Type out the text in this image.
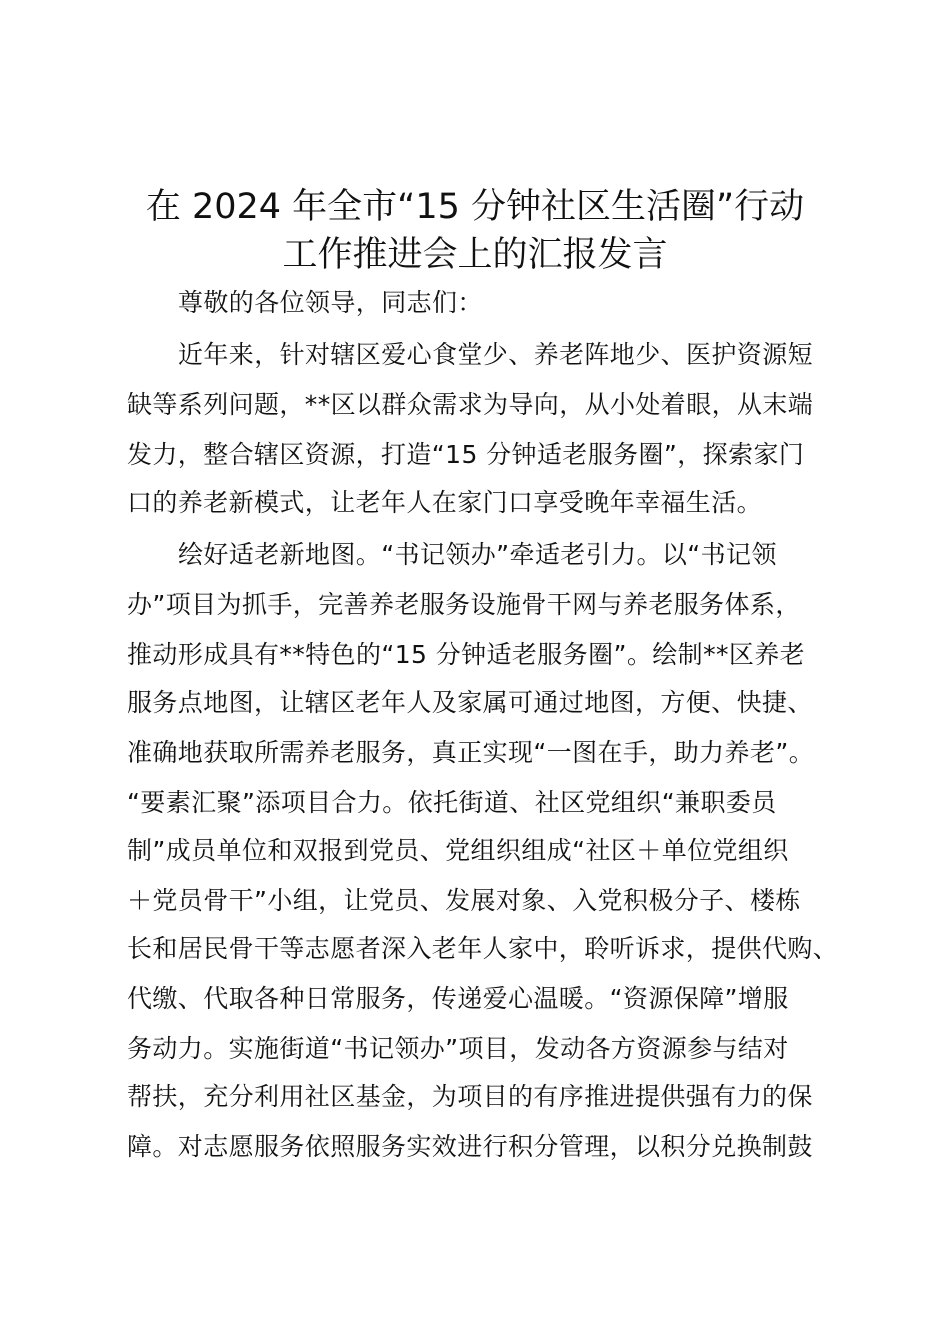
在 2024 年全市“15 分钟社区生活圈”行动
工作推进会上的汇报发言

尊敬的各位领导，同志们：

近年来，针对辖区爱心食堂少、养老阵地少、医护资源短

缺等系列问题，**区以群众需求为导向，从小处着眼，从末端

发力，整合辖区资源，打造“15 分钟适老服务圈”，探索家门

口的养老新模式，让老年人在家门口享受晚年幸福生活。

绘好适老新地图。“书记领办”牵适老引力。以“书记领

办”项目为抓手，完善养老服务设施骨干网与养老服务体系，

推动形成具有**特色的“15 分钟适老服务圈”。绘制**区养老

服务点地图，让辖区老年人及家属可通过地图，方便、快捷、

准确地获取所需养老服务，真正实现“一图在手，助力养老”。

“要素汇聚”添项目合力。依托街道、社区党组织“兼职委员

制”成员单位和双报到党员、党组织组成“社区＋单位党组织

＋党员骨干”小组，让党员、发展对象、入党积极分子、楼栋

长和居民骨干等志愿者深入老年人家中，聆听诉求，提供代购、

代缴、代取各种日常服务，传递爱心温暖。“资源保障”增服

务动力。实施街道“书记领办”项目，发动各方资源参与结对

帮扶，充分利用社区基金，为项目的有序推进提供强有力的保

障。对志愿服务依照服务实效进行积分管理，以积分兑换制鼓
